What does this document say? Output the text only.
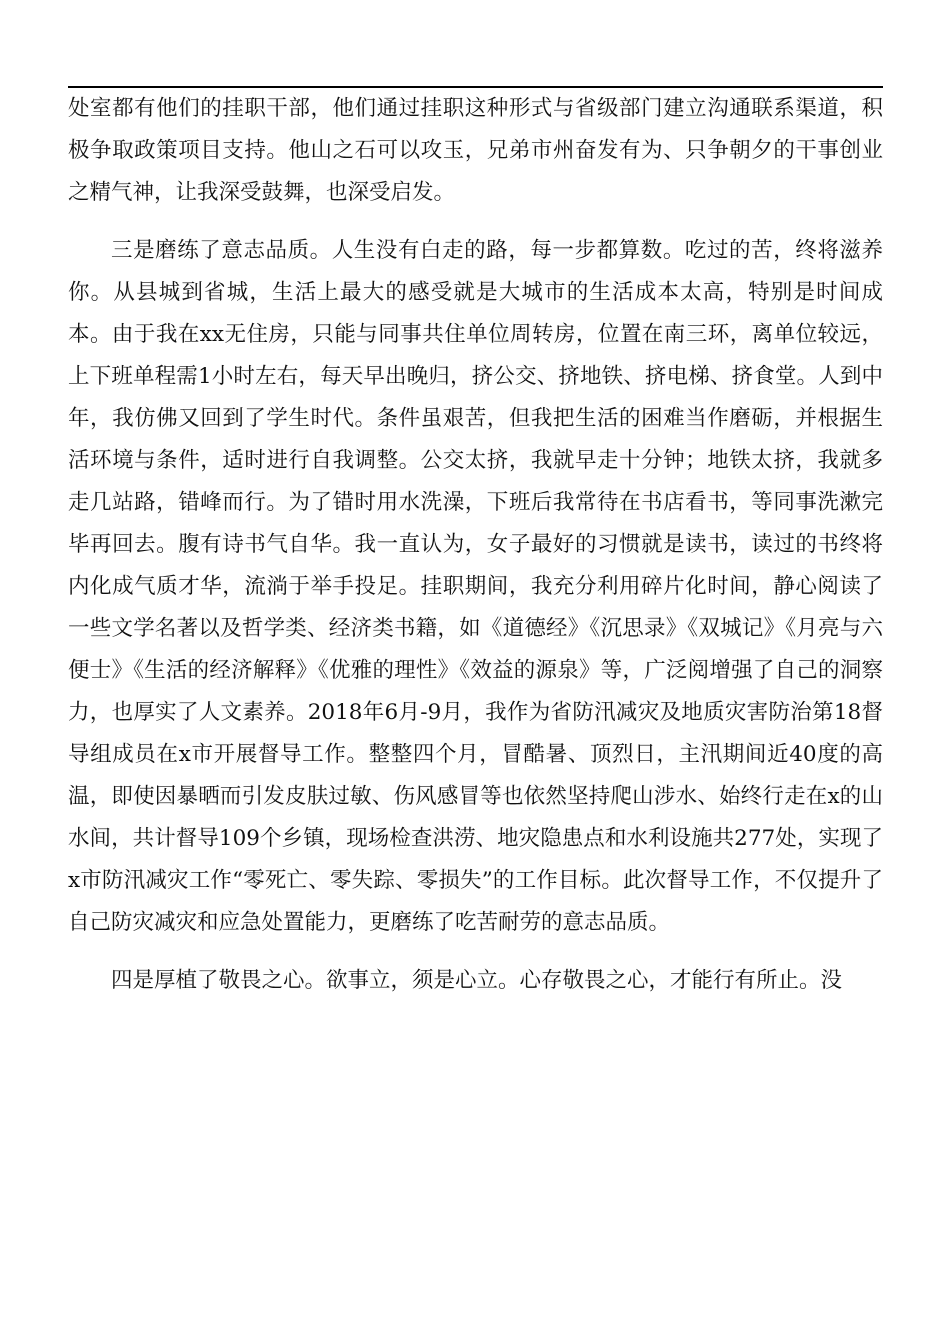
处室都有他们的挂职干部，他们通过挂职这种形式与省级部门建立沟通联系渠道，积极争取政策项目支持。他山之石可以攻玉，兄弟市州奋发有为、只争朝夕的干事创业之精气神，让我深受鼓舞，也深受启发。

三是磨练了意志品质。人生没有白走的路，每一步都算数。吃过的苦，终将滋养你。从县城到省城，生活上最大的感受就是大城市的生活成本太高，特别是时间成本。由于我在xx无住房，只能与同事共住单位周转房，位置在南三环，离单位较远，上下班单程需1小时左右，每天早出晚归，挤公交、挤地铁、挤电梯、挤食堂。人到中年，我仿佛又回到了学生时代。条件虽艰苦，但我把生活的困难当作磨砺，并根据生活环境与条件，适时进行自我调整。公交太挤，我就早走十分钟；地铁太挤，我就多走几站路，错峰而行。为了错时用水洗澡，下班后我常待在书店看书，等同事洗漱完毕再回去。腹有诗书气自华。我一直认为，女子最好的习惯就是读书，读过的书终将内化成气质才华，流淌于举手投足。挂职期间，我充分利用碎片化时间，静心阅读了一些文学名著以及哲学类、经济类书籍，如《道德经》《沉思录》《双城记》《月亮与六便士》《生活的经济解释》《优雅的理性》《效益的源泉》等，广泛阅增强了自己的洞察力，也厚实了人文素养。2018年6月-9月，我作为省防汛减灾及地质灾害防治第18督导组成员在x市开展督导工作。整整四个月，冒酷暑、顶烈日，主汛期间近40度的高温，即使因暴晒而引发皮肤过敏、伤风感冒等也依然坚持爬山涉水、始终行走在x的山水间，共计督导109个乡镇，现场检查洪涝、地灾隐患点和水利设施共277处，实现了x市防汛减灾工作“零死亡、零失踪、零损失”的工作目标。此次督导工作，不仅提升了自己防灾减灾和应急处置能力，更磨练了吃苦耐劳的意志品质。

四是厚植了敬畏之心。欲事立，须是心立。心存敬畏之心，才能行有所止。没
